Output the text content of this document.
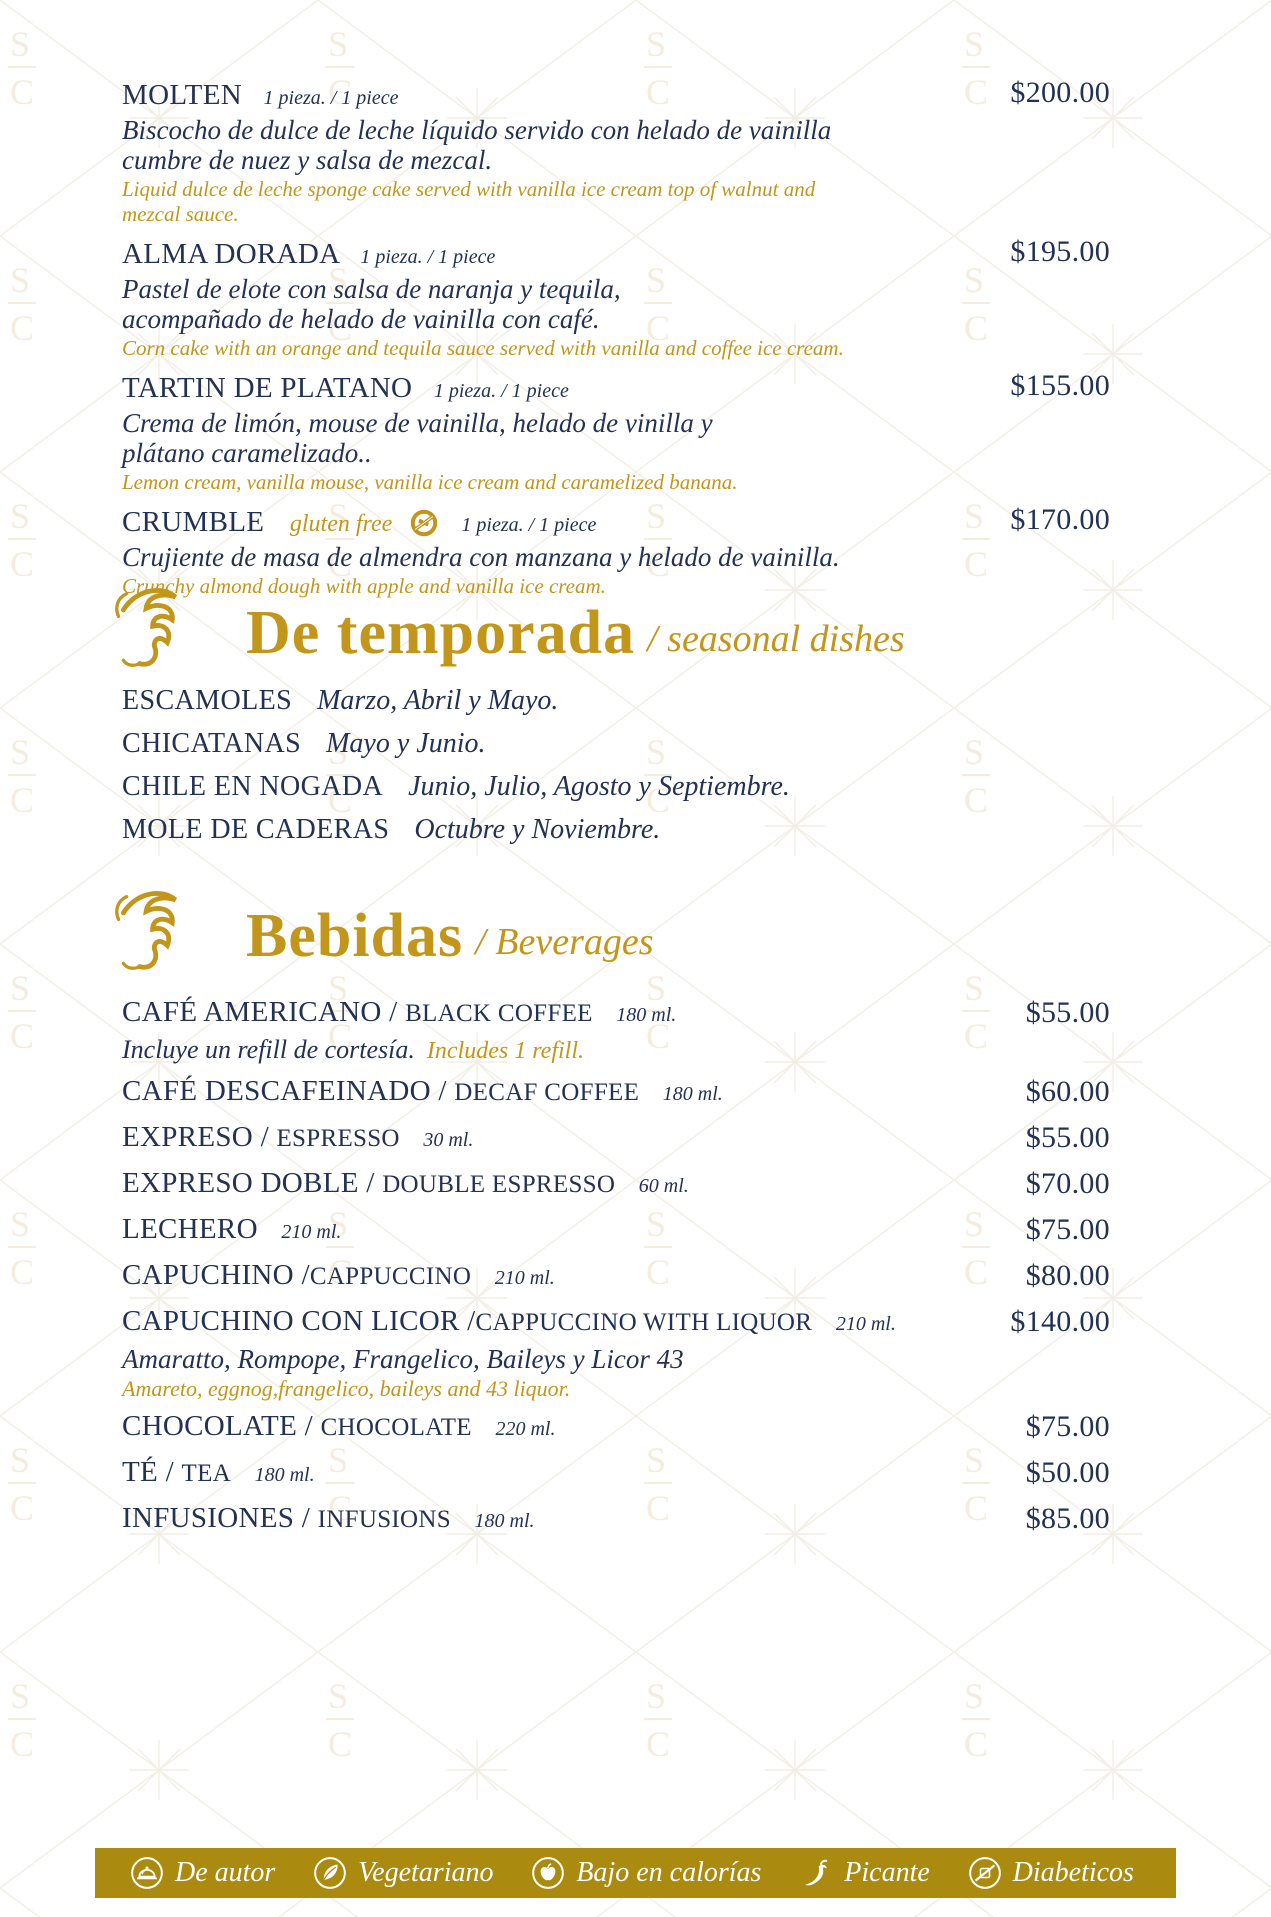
MOLTEN 1 pieza. / 1 piece	$200.00
Biscocho de dulce de leche líquido servido con helado de vainilla
cumbre de nuez y salsa de mezcal.
Liquid dulce de leche sponge cake served with vanilla ice cream top of walnut and
mezcal sauce.
ALMA DORADA 1 pieza. / 1 piece	$195.00
Pastel de elote con salsa de naranja y tequila,
acompañado de helado de vainilla con café.
Corn cake with an orange and tequila sauce served with vanilla and coffee ice cream.
TARTIN DE PLATANO 1 pieza. / 1 piece	$155.00
Crema de limón, mouse de vainilla, helado de vinilla y
plátano caramelizado..
Lemon cream, vanilla mouse, vanilla ice cream and caramelized banana.
CRUMBLE gluten free	1 pieza. / 1 piece	$170.00
Crujiente de masa de almendra con manzana y helado de vainilla.
Crunchy almond dough with apple and vanilla ice cream.
De temporada / seasonal dishes
ESCAMOLES Marzo, Abril y Mayo.
CHICATANAS Mayo y Junio.
CHILE EN NOGADA Junio, Julio, Agosto y Septiembre.
MOLE DE CADERAS Octubre y Noviembre.
Bebidas / Beverages
CAFÉ AMERICANO / BLACK COFFEE 180 ml.	$55.00
Incluye un refill de cortesía. Includes 1 refill.
CAFÉ DESCAFEINADO / DECAF COFFEE 180 ml.	$60.00
EXPRESO / ESPRESSO 30 ml.	$55.00
EXPRESO DOBLE / DOUBLE ESPRESSO 60 ml.	$70.00
LECHERO 210 ml.	$75.00
CAPUCHINO /CAPPUCCINO 210 ml.	$80.00
CAPUCHINO CON LICOR /CAPPUCCINO WITH LIQUOR 210 ml.	$140.00
Amaratto, Rompope, Frangelico, Baileys y Licor 43
Amareto, eggnog,frangelico, baileys and 43 liquor.
CHOCOLATE / CHOCOLATE 220 ml.	$75.00
TÉ / TEA 180 ml.	$50.00
INFUSIONES / INFUSIONS 180 ml.	$85.00
De autor	Vegetariano	Bajo en calorías	Picante	Diabeticos
